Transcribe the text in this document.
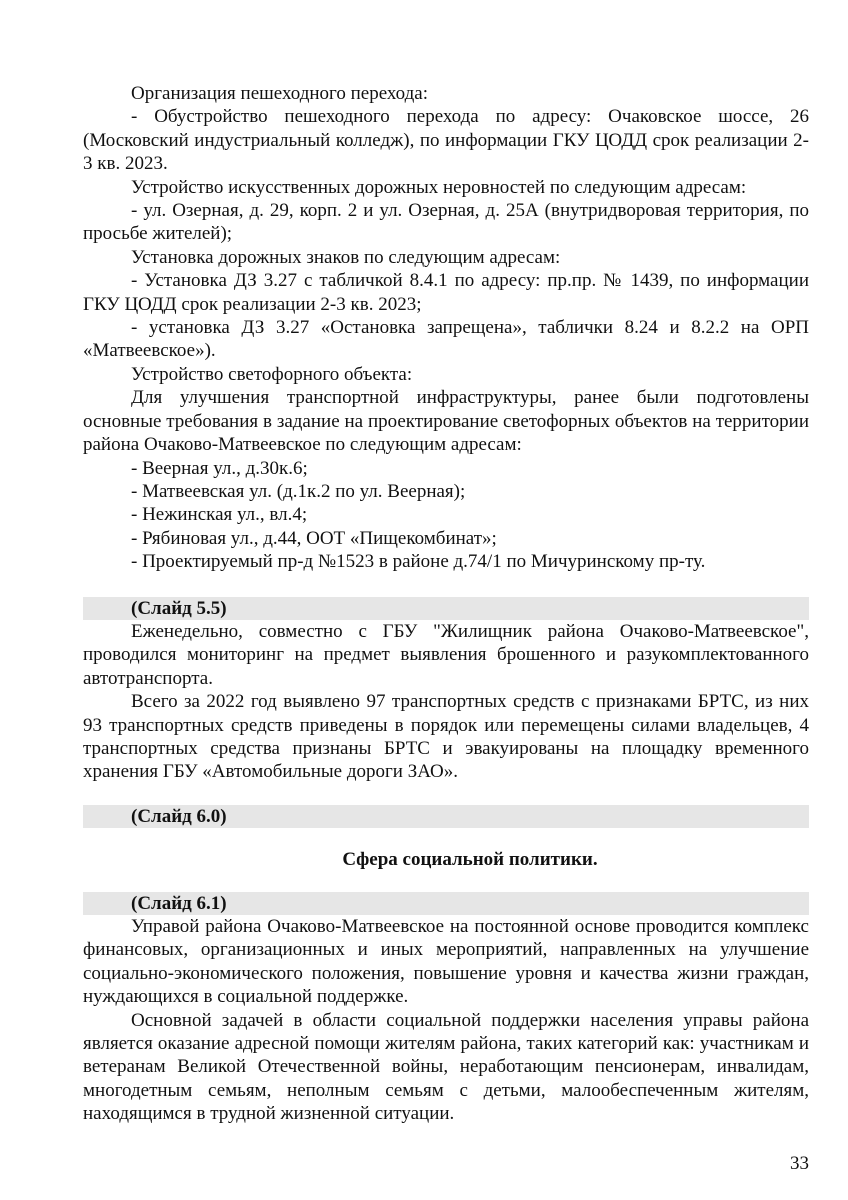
Организация пешеходного перехода:

- Обустройство пешеходного перехода по адресу: Очаковское шоссе, 26 (Московский индустриальный колледж), по информации ГКУ ЦОДД срок реализации 2-3 кв. 2023.

Устройство искусственных дорожных неровностей по следующим адресам:

- ул. Озерная, д. 29, корп. 2 и ул. Озерная, д. 25А (внутридворовая территория, по просьбе жителей);

Установка дорожных знаков по следующим адресам:

- Установка ДЗ 3.27 с табличкой 8.4.1 по адресу: пр.пр. № 1439, по информации ГКУ ЦОДД срок реализации 2-3 кв. 2023;

- установка ДЗ 3.27 «Остановка запрещена», таблички 8.24 и 8.2.2 на ОРП «Матвеевское»).

Устройство светофорного объекта:

Для улучшения транспортной инфраструктуры, ранее были подготовлены основные требования в задание на проектирование светофорных объектов на территории района Очаково-Матвеевское по следующим адресам:

- Веерная ул., д.30к.6;

- Матвеевская ул. (д.1к.2 по ул. Веерная);

- Нежинская ул., вл.4;

- Рябиновая ул., д.44, ООТ «Пищекомбинат»;

- Проектируемый пр-д №1523 в районе д.74/1 по Мичуринскому пр-ту.

(Слайд 5.5)

Еженедельно, совместно с ГБУ "Жилищник района Очаково-Матвеевское", проводился мониторинг на предмет выявления брошенного и разукомплектованного автотранспорта.

Всего за 2022 год выявлено 97 транспортных средств с признаками БРТС, из них 93 транспортных средств приведены в порядок или перемещены силами владельцев, 4 транспортных средства признаны БРТС и эвакуированы на площадку временного хранения ГБУ «Автомобильные дороги ЗАО».

(Слайд 6.0)

Сфера социальной политики.

(Слайд 6.1)

Управой района Очаково-Матвеевское на постоянной основе проводится комплекс финансовых, организационных и иных мероприятий, направленных на улучшение социально-экономического положения, повышение уровня и качества жизни граждан, нуждающихся в социальной поддержке.

Основной задачей в области социальной поддержки населения управы района является оказание адресной помощи жителям района, таких категорий как: участникам и ветеранам Великой Отечественной войны, неработающим пенсионерам, инвалидам, многодетным семьям, неполным семьям с детьми, малообеспеченным жителям, находящимся в трудной жизненной ситуации.

33
